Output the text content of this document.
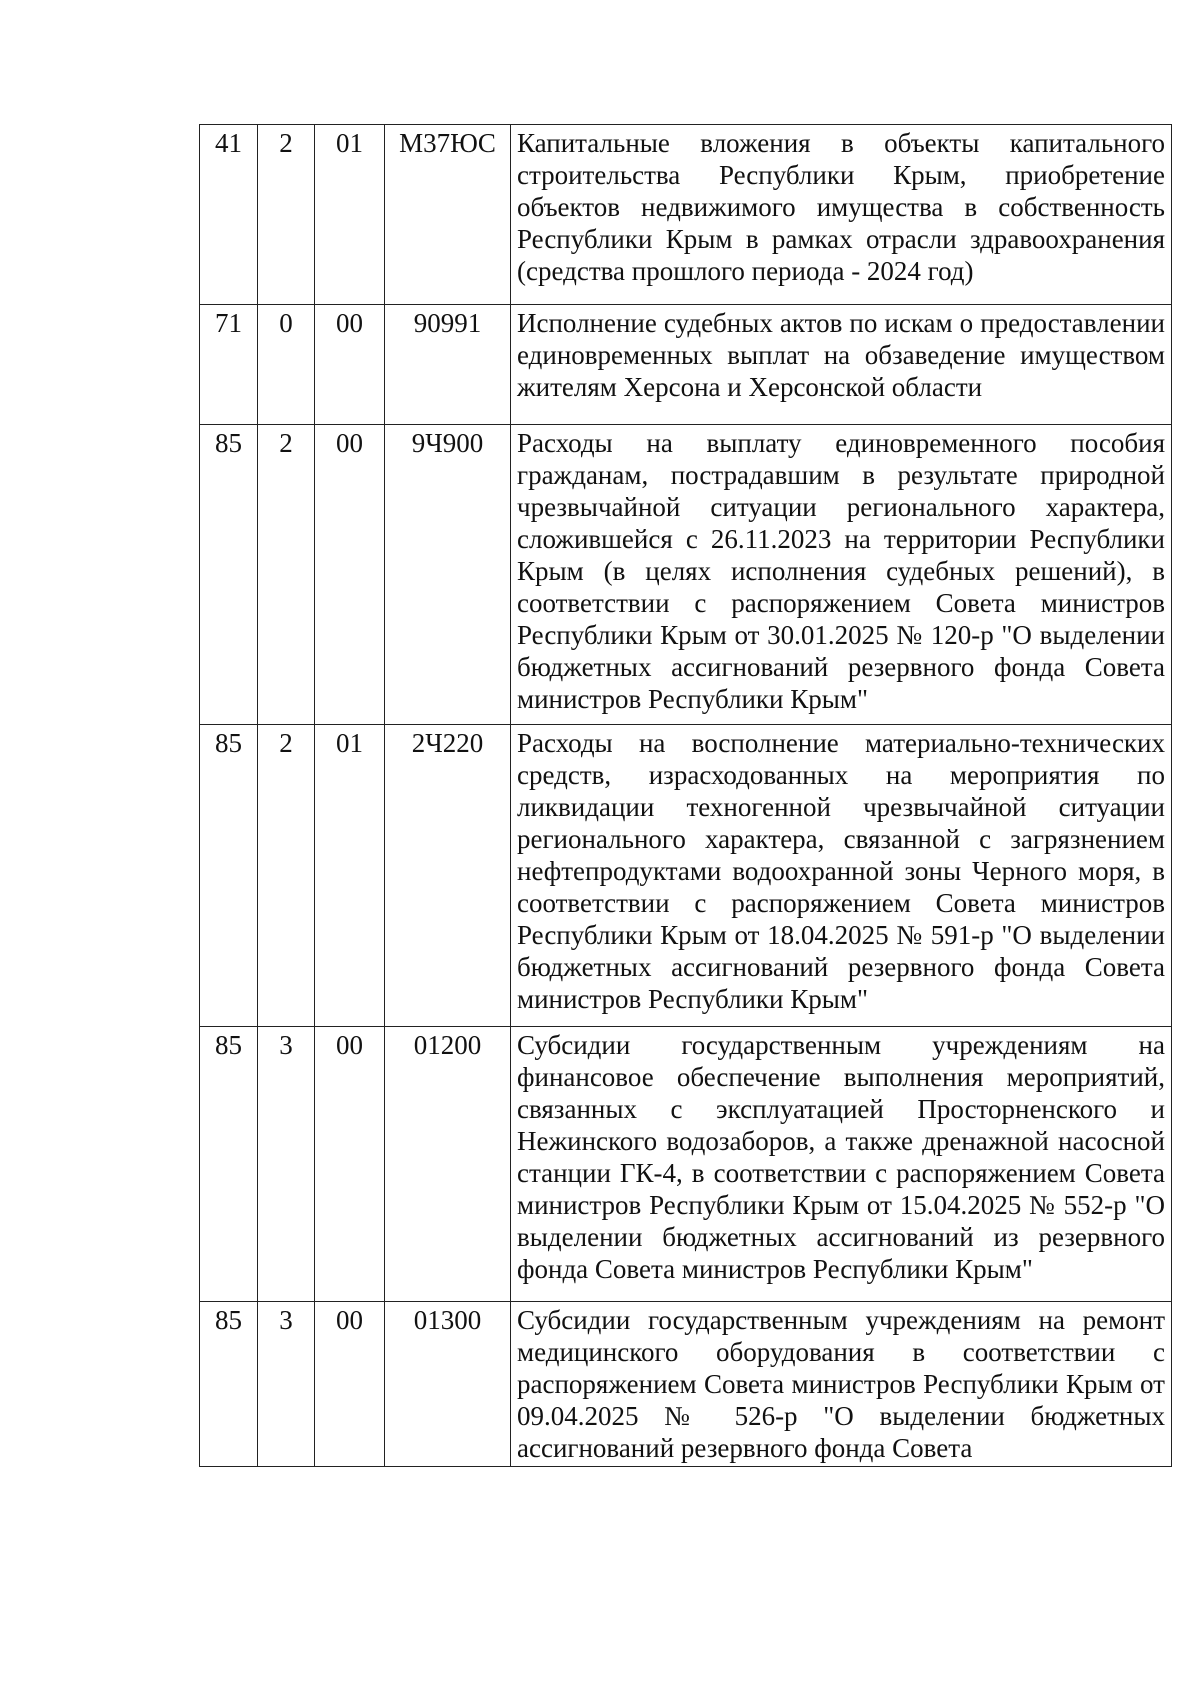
41	2	01	М37ЮС	Капитальные вложения в объекты капитального строительства Республики Крым, приобретение объектов недвижимого имущества в собственность Республики Крым в рамках отрасли здравоохранения (средства прошлого периода - 2024 год)
71	0	00	90991	Исполнение судебных актов по искам о предоставлении единовременных выплат на обзаведение имуществом жителям Херсона и Херсонской области
85	2	00	9Ч900	Расходы на выплату единовременного пособия гражданам, пострадавшим в результате природной чрезвычайной ситуации регионального характера, сложившейся с 26.11.2023 на территории Республики Крым (в целях исполнения судебных решений), в соответствии с распоряжением Совета министров Республики Крым от 30.01.2025 № 120-р "О выделении бюджетных ассигнований резервного фонда Совета министров Республики Крым"
85	2	01	2Ч220	Расходы на восполнение материально-технических средств, израсходованных на мероприятия по ликвидации техногенной чрезвычайной ситуации регионального характера, связанной с загрязнением нефтепродуктами водоохранной зоны Черного моря, в соответствии с распоряжением Совета министров Республики Крым от 18.04.2025 № 591-р "О выделении бюджетных ассигнований резервного фонда Совета министров Республики Крым"
85	3	00	01200	Субсидии государственным учреждениям на финансовое обеспечение выполнения мероприятий, связанных с эксплуатацией Просторненского и Нежинского водозаборов, а также дренажной насосной станции ГК-4, в соответствии с распоряжением Совета министров Республики Крым от 15.04.2025 № 552-р "О выделении бюджетных ассигнований из резервного фонда Совета министров Республики Крым"
85	3	00	01300	Субсидии государственным учреждениям на ремонт медицинского оборудования в соответствии с распоряжением Совета министров Республики Крым от 09.04.2025 № 526-р "О выделении бюджетных ассигнований резервного фонда Совета
